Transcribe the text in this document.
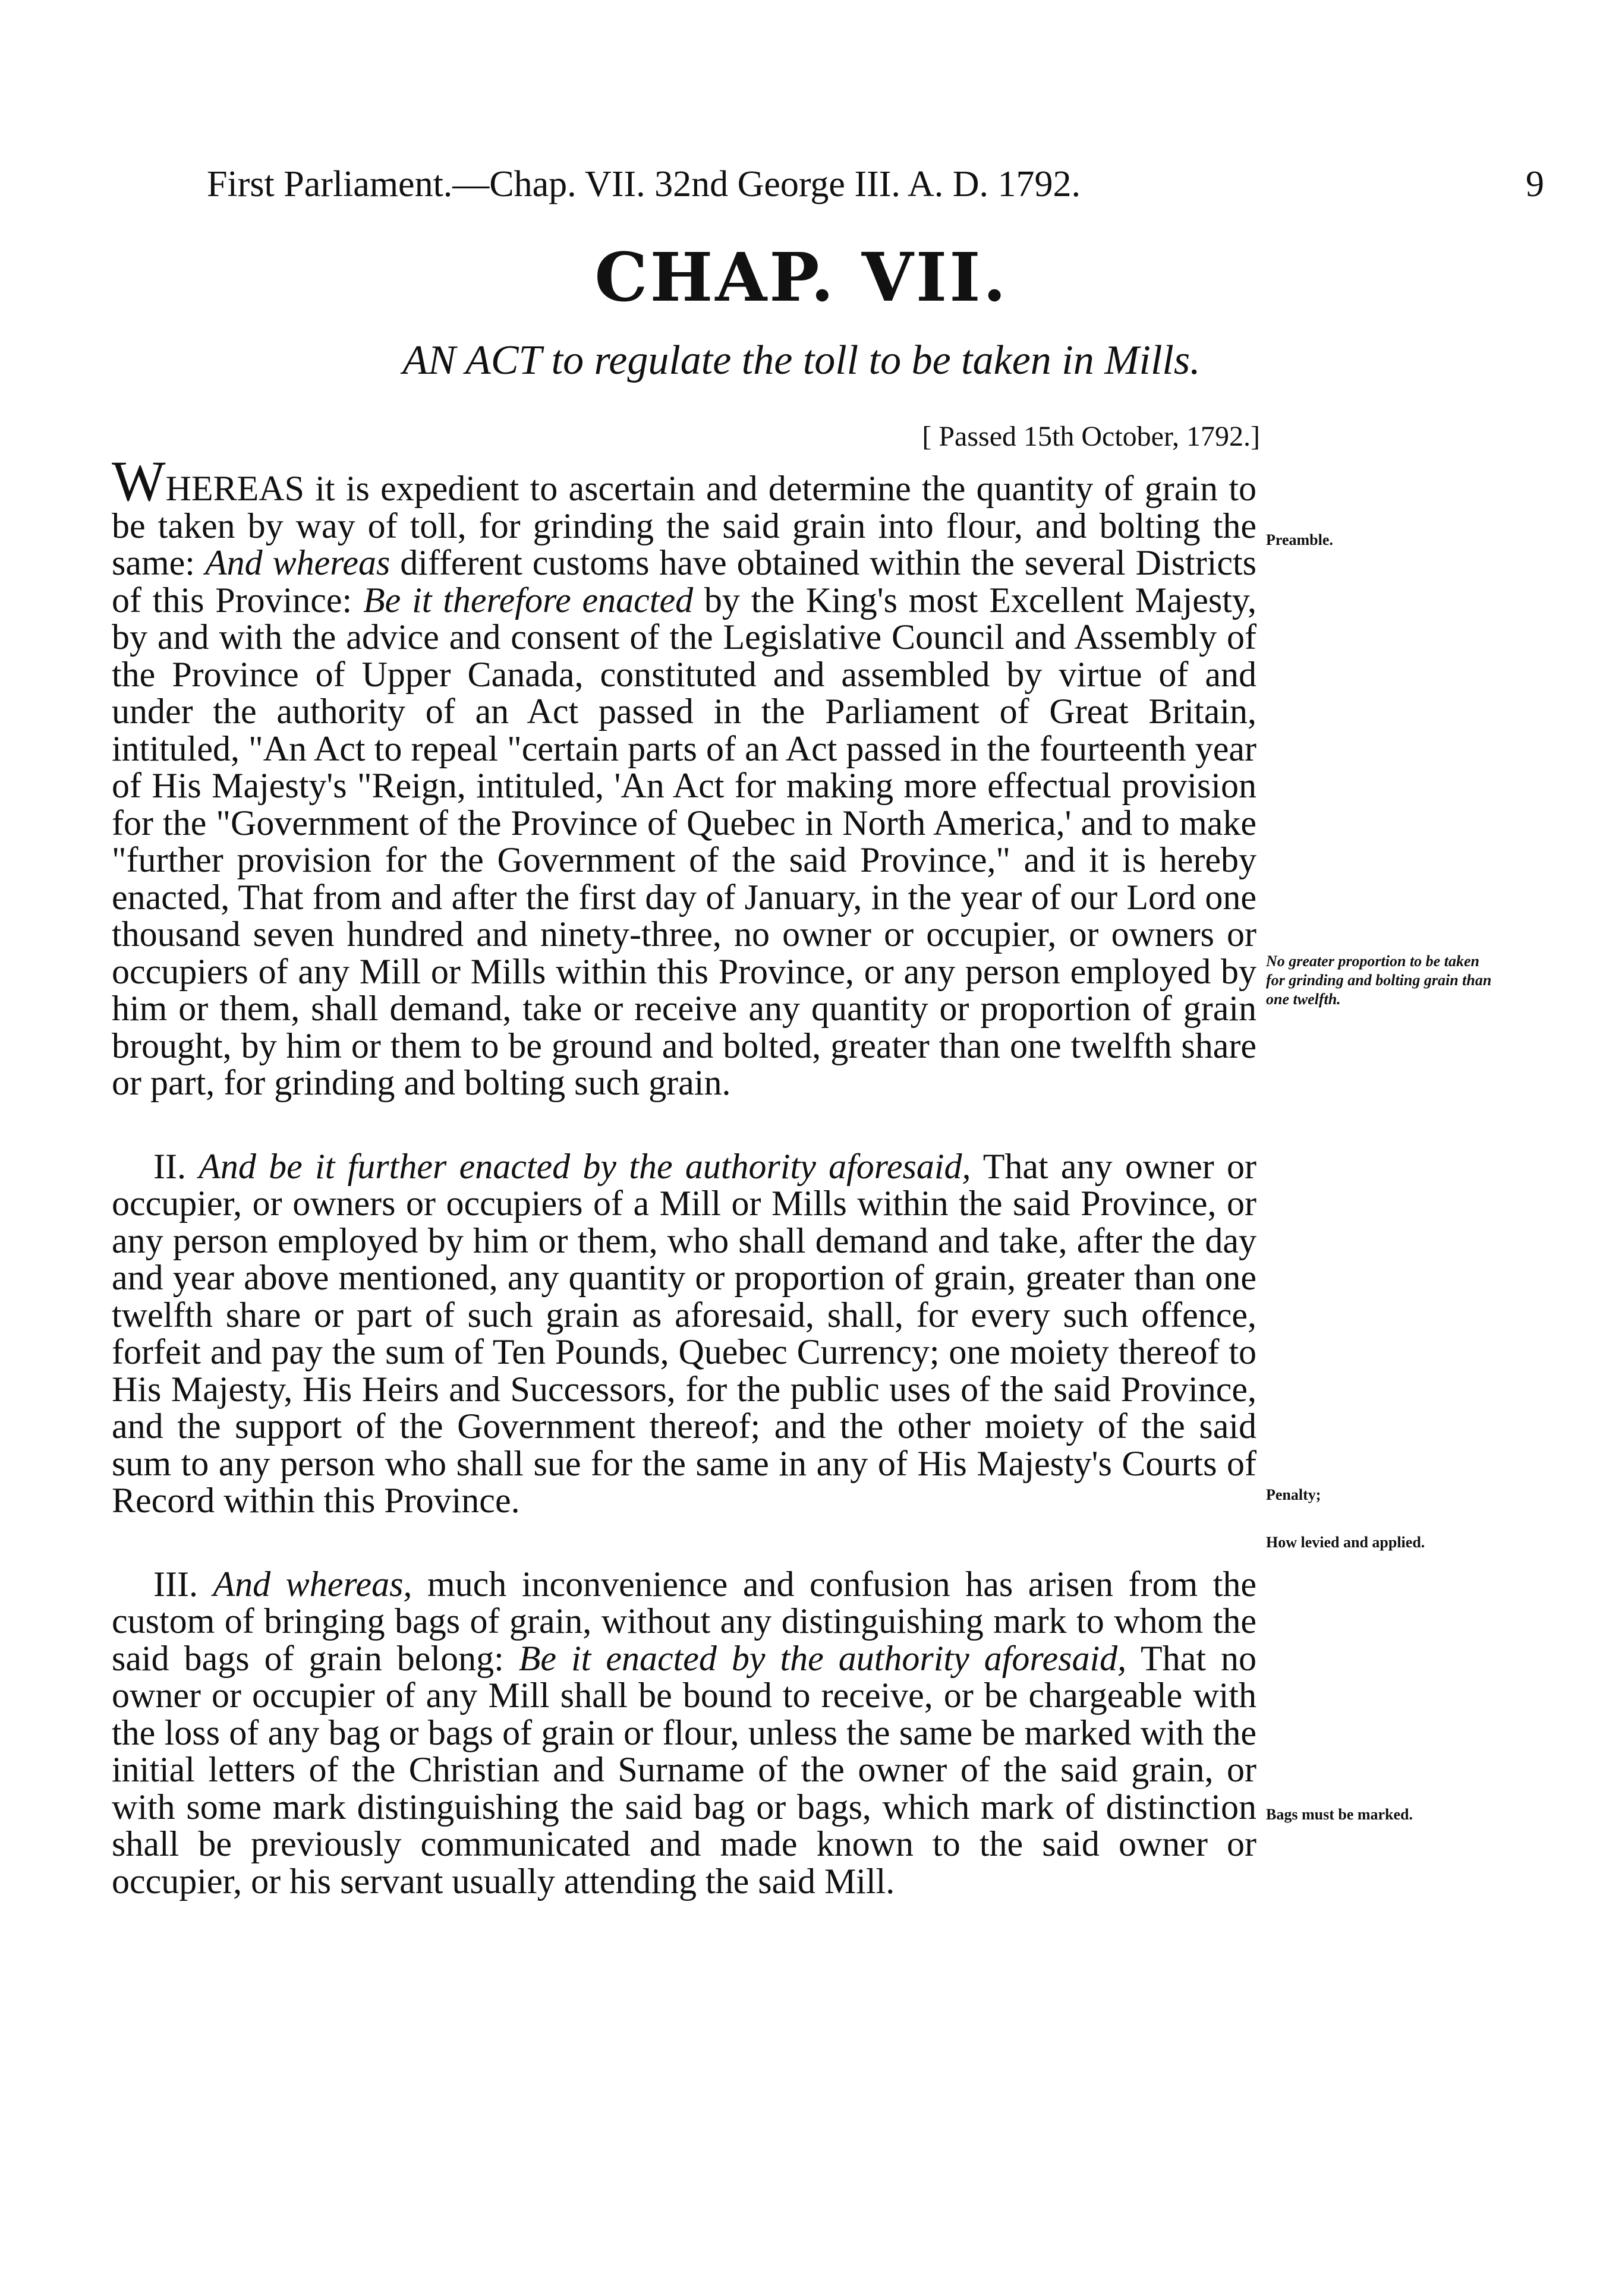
First Parliament.—Chap. VII. 32nd George III. A. D. 1792.	9
CHAP. VII.
AN ACT to regulate the toll to be taken in Mills.
[ Passed 15th October, 1792.]

WHEREAS it is expedient to ascertain and determine the quantity of grain to be taken by way of toll, for grinding the said grain into flour, and bolting the same: And whereas different customs have obtained within the several Districts of this Province: Be it therefore enacted by the King's most Excellent Majesty, by and with the advice and consent of the Legislative Council and Assembly of the Province of Upper Canada, constituted and assembled by virtue of and under the authority of an Act passed in the Parliament of Great Britain, intituled, "An Act to repeal "certain parts of an Act passed in the fourteenth year of His Majesty's "Reign, intituled, 'An Act for making more effectual provision for the "Government of the Province of Quebec in North America,' and to make "further provision for the Government of the said Province," and it is hereby enacted, That from and after the first day of January, in the year of our Lord one thousand seven hundred and ninety-three, no owner or occupier, or owners or occupiers of any Mill or Mills within this Province, or any person employed by him or them, shall demand, take or receive any quantity or proportion of grain brought, by him or them to be ground and bolted, greater than one twelfth share or part, for grinding and bolting such grain.

II. And be it further enacted by the authority aforesaid, That any owner or occupier, or owners or occupiers of a Mill or Mills within the said Province, or any person employed by him or them, who shall demand and take, after the day and year above mentioned, any quantity or proportion of grain, greater than one twelfth share or part of such grain as aforesaid, shall, for every such offence, forfeit and pay the sum of Ten Pounds, Quebec Currency; one moiety thereof to His Majesty, His Heirs and Successors, for the public uses of the said Province, and the support of the Government thereof; and the other moiety of the said sum to any person who shall sue for the same in any of His Majesty's Courts of Record within this Province.

III. And whereas, much inconvenience and confusion has arisen from the custom of bringing bags of grain, without any distinguishing mark to whom the said bags of grain belong: Be it enacted by the authority aforesaid, That no owner or occupier of any Mill shall be bound to receive, or be chargeable with the loss of any bag or bags of grain or flour, unless the same be marked with the initial letters of the Christian and Surname of the owner of the said grain, or with some mark distinguishing the said bag or bags, which mark of distinction shall be previously communicated and made known to the said owner or occupier, or his servant usually attending the said Mill.

Preamble.
No greater proportion to be taken for grinding and bolting grain than one twelfth.
Penalty;
How levied and applied.
Bags must be marked.
